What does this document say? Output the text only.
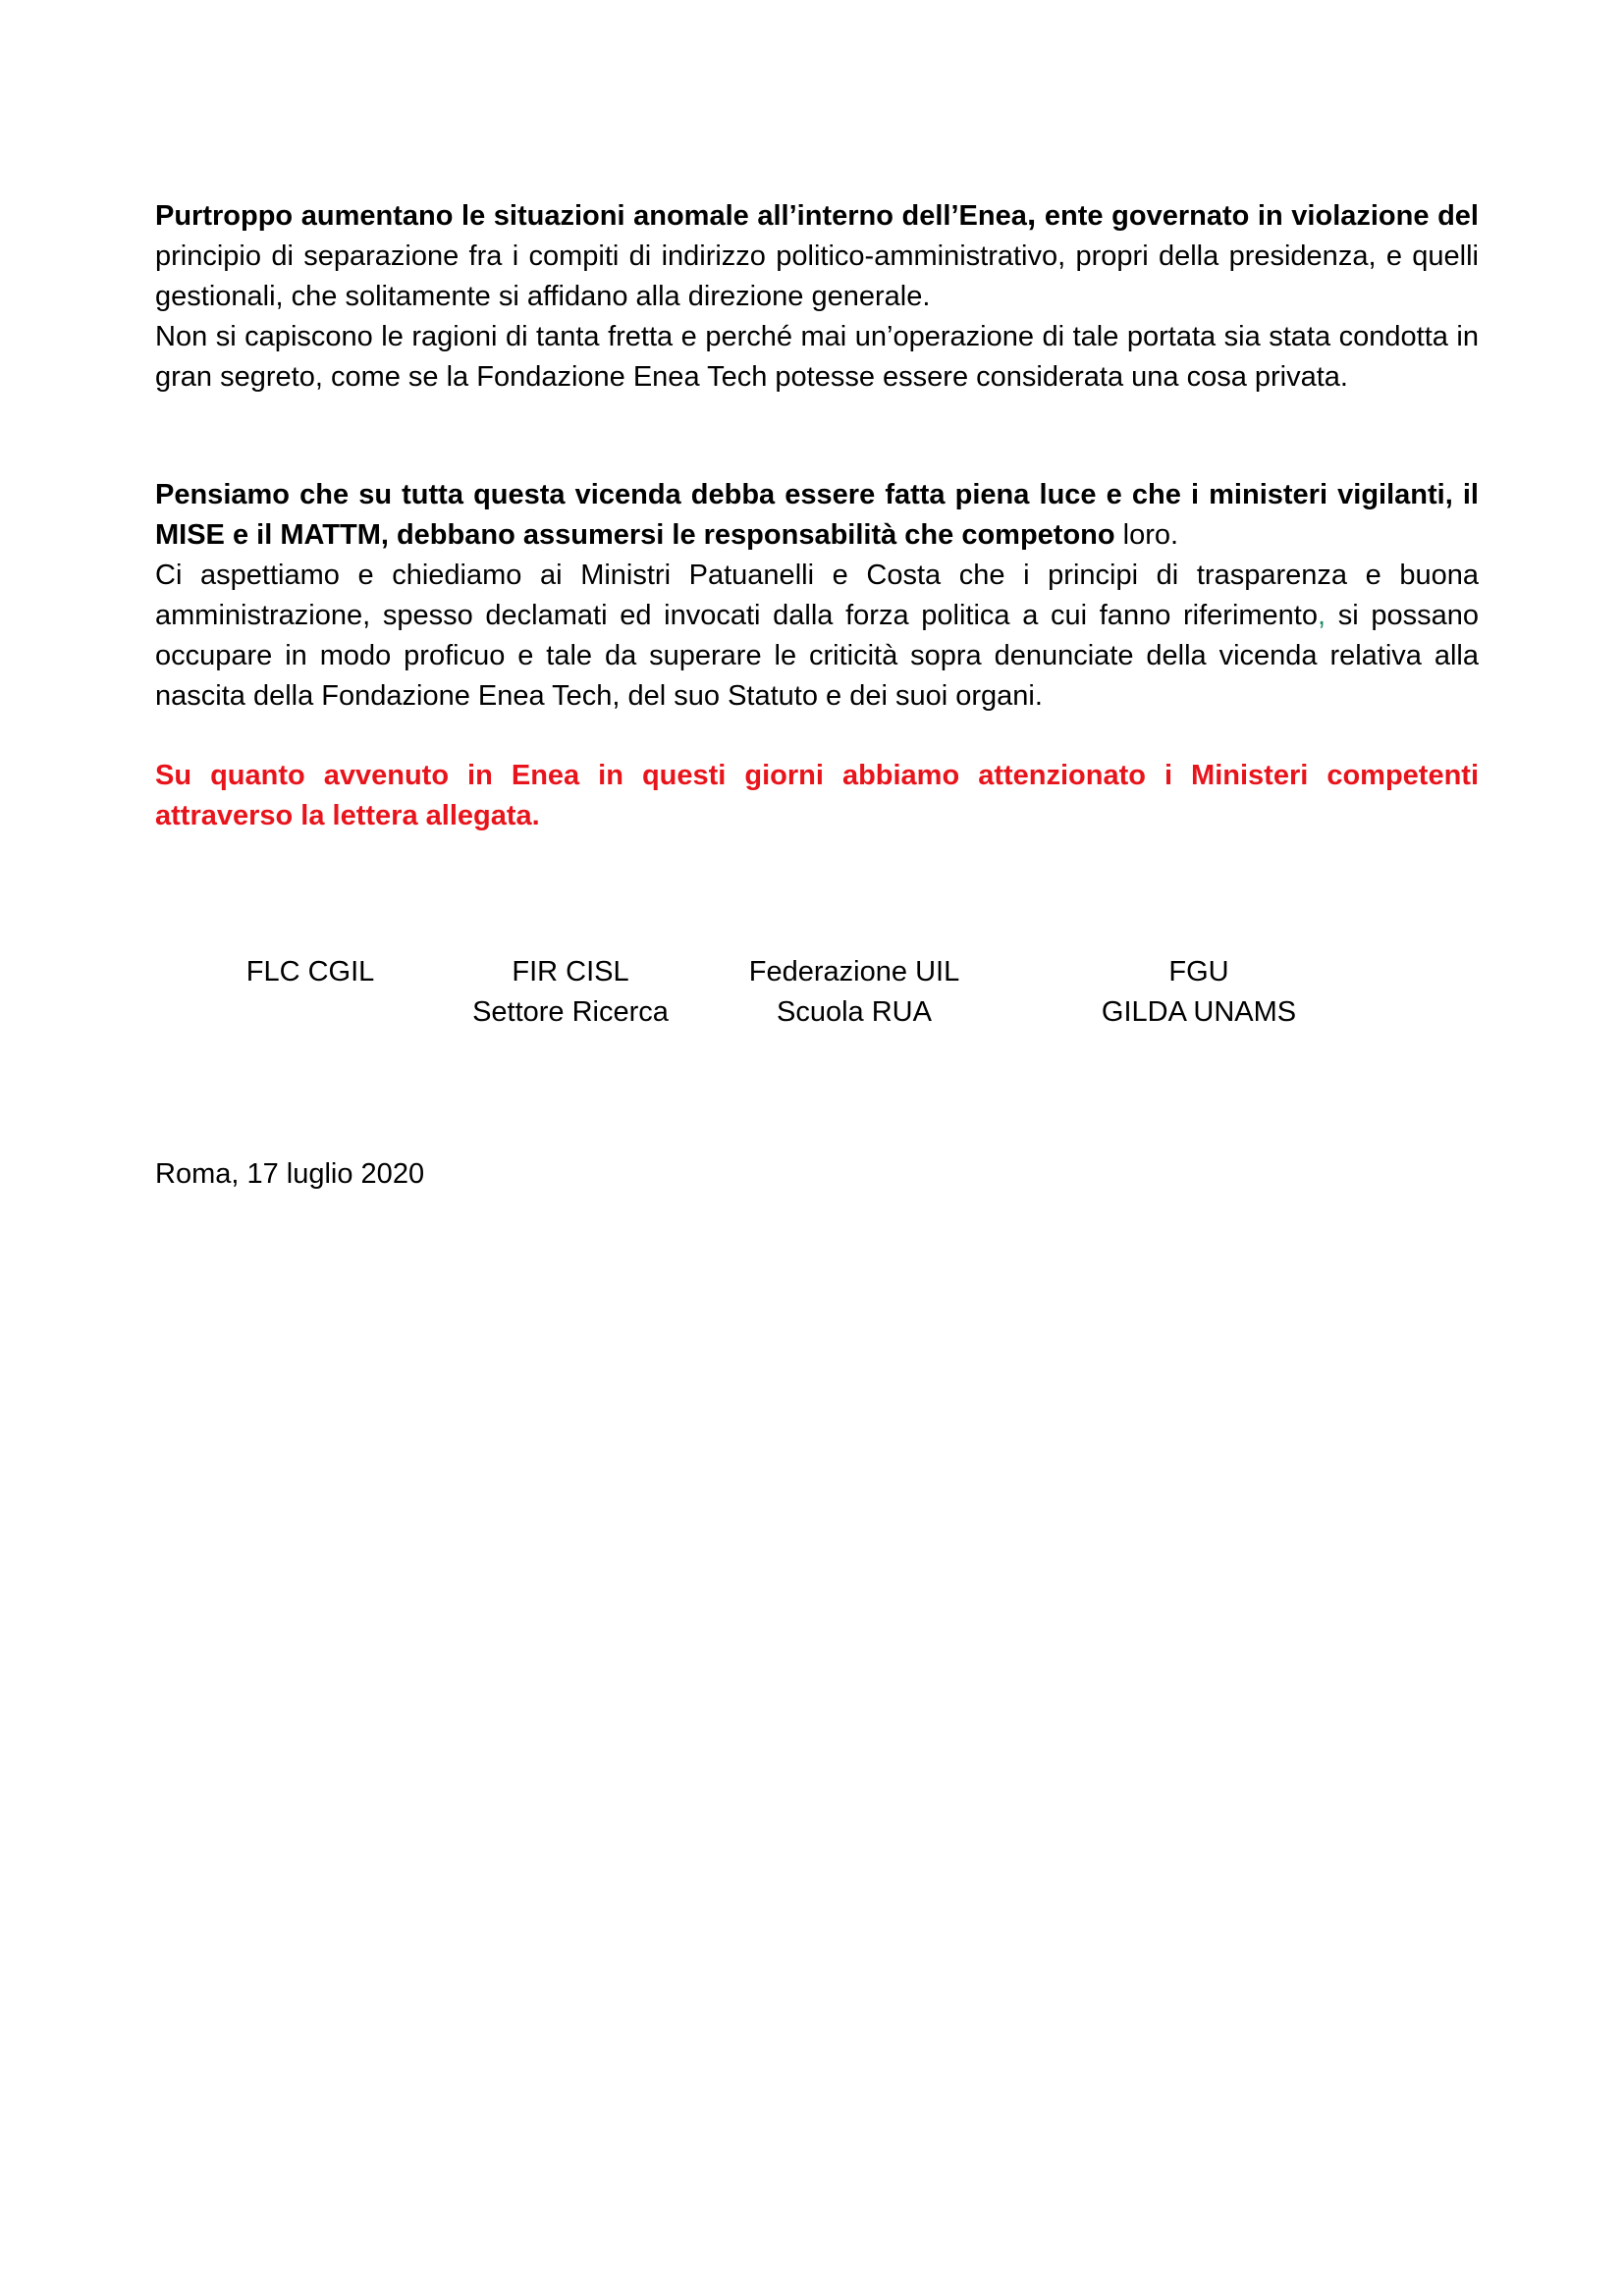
Purtroppo aumentano le situazioni anomale all’interno dell’Enea, ente governato in violazione del principio di separazione fra i compiti di indirizzo politico-amministrativo, propri della presidenza, e quelli gestionali, che solitamente si affidano alla direzione generale.

Non si capiscono le ragioni di tanta fretta e perché mai un’operazione di tale portata sia stata condotta in gran segreto, come se la Fondazione Enea Tech potesse essere considerata una cosa privata.

Pensiamo che su tutta questa vicenda debba essere fatta piena luce e che i ministeri vigilanti, il MISE e il MATTM, debbano assumersi le responsabilità che competono loro.

Ci aspettiamo e chiediamo ai Ministri Patuanelli e Costa che i principi di trasparenza e buona amministrazione, spesso declamati ed invocati dalla forza politica a cui fanno riferimento, si possano occupare in modo proficuo e tale da superare le criticità sopra denunciate della vicenda relativa alla nascita della Fondazione Enea Tech, del suo Statuto e dei suoi organi.

Su quanto avvenuto in Enea in questi giorni abbiamo attenzionato i Ministeri competenti attraverso la lettera allegata.

FLC CGIL	FIR CISL
Settore Ricerca
Federazione UIL
Scuola RUA
FGU
GILDA UNAMS
Roma, 17 luglio 2020
